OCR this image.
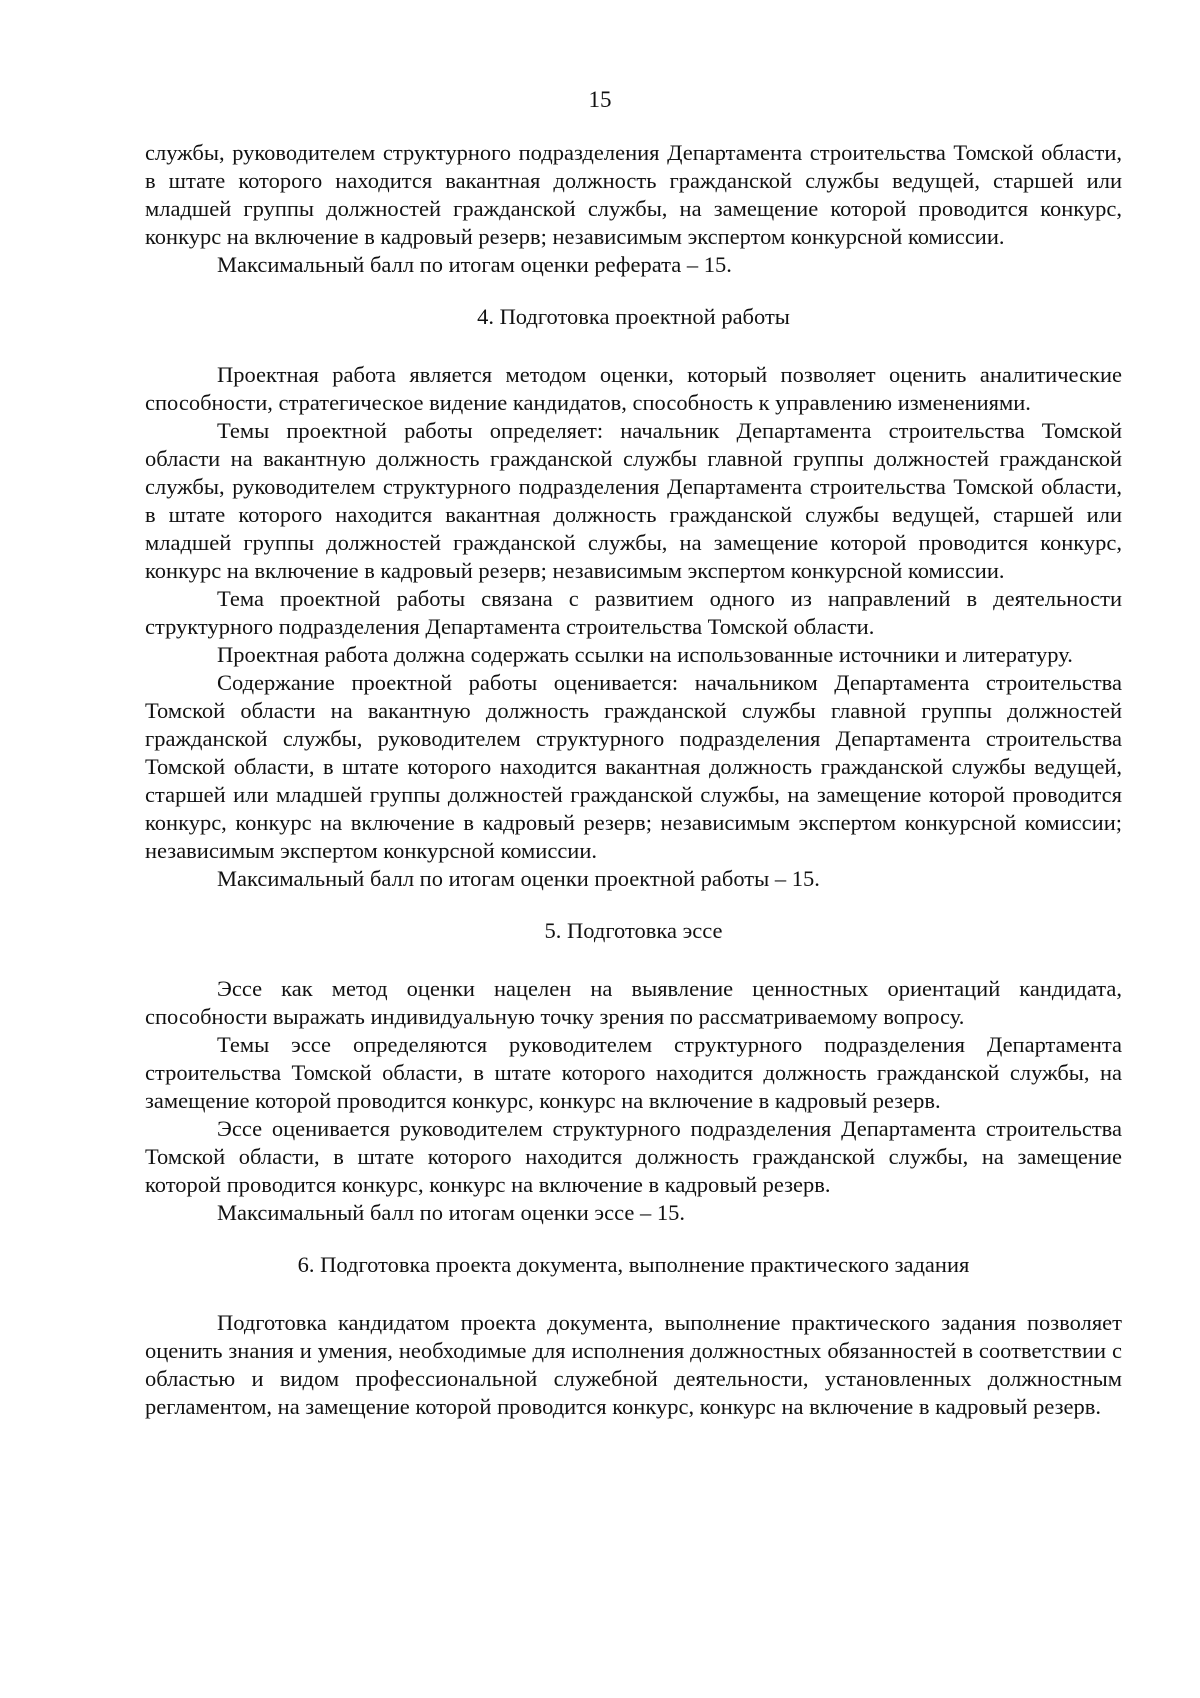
15

службы, руководителем структурного подразделения Департамента строительства Томской области, в штате которого находится вакантная должность гражданской службы ведущей, старшей или младшей группы должностей гражданской службы, на замещение которой проводится конкурс, конкурс на включение в кадровый резерв; независимым экспертом конкурсной комиссии.

Максимальный балл по итогам оценки реферата – 15.

4. Подготовка проектной работы

Проектная работа является методом оценки, который позволяет оценить аналитические способности, стратегическое видение кандидатов, способность к управлению изменениями.

Темы проектной работы определяет: начальник Департамента строительства Томской области на вакантную должность гражданской службы главной группы должностей гражданской службы, руководителем структурного подразделения Департамента строительства Томской области, в штате которого находится вакантная должность гражданской службы ведущей, старшей или младшей группы должностей гражданской службы, на замещение которой проводится конкурс, конкурс на включение в кадровый резерв; независимым экспертом конкурсной комиссии.

Тема проектной работы связана с развитием одного из направлений в деятельности структурного подразделения Департамента строительства Томской области.

Проектная работа должна содержать ссылки на использованные источники и литературу.

Содержание проектной работы оценивается: начальником Департамента строительства Томской области на вакантную должность гражданской службы главной группы должностей гражданской службы, руководителем структурного подразделения Департамента строительства Томской области, в штате которого находится вакантная должность гражданской службы ведущей, старшей или младшей группы должностей гражданской службы, на замещение которой проводится конкурс, конкурс на включение в кадровый резерв; независимым экспертом конкурсной комиссии; независимым экспертом конкурсной комиссии.

Максимальный балл по итогам оценки проектной работы – 15.

5. Подготовка эссе

Эссе как метод оценки нацелен на выявление ценностных ориентаций кандидата, способности выражать индивидуальную точку зрения по рассматриваемому вопросу.

Темы эссе определяются руководителем структурного подразделения Департамента строительства Томской области, в штате которого находится должность гражданской службы, на замещение которой проводится конкурс, конкурс на включение в кадровый резерв.

Эссе оценивается руководителем структурного подразделения Департамента строительства Томской области, в штате которого находится должность гражданской службы, на замещение которой проводится конкурс, конкурс на включение в кадровый резерв.

Максимальный балл по итогам оценки эссе – 15.

6. Подготовка проекта документа, выполнение практического задания

Подготовка кандидатом проекта документа, выполнение практического задания позволяет оценить знания и умения, необходимые для исполнения должностных обязанностей в соответствии с областью и видом профессиональной служебной деятельности, установленных должностным регламентом, на замещение которой проводится конкурс, конкурс на включение в кадровый резерв.
